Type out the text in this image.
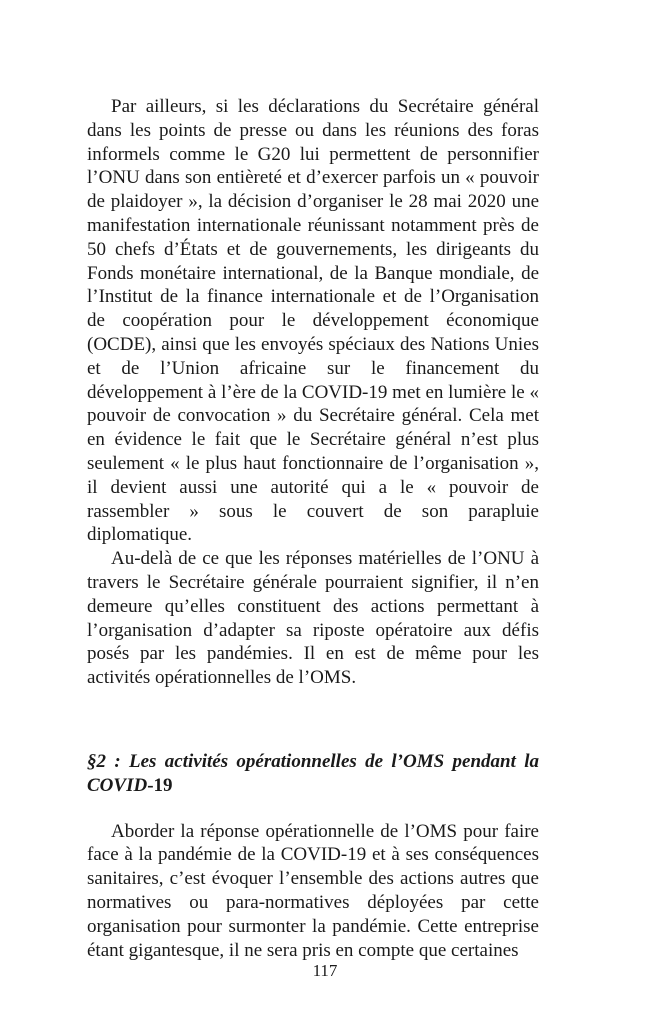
Par ailleurs, si les déclarations du Secrétaire général dans les points de presse ou dans les réunions des foras informels comme le G20 lui permettent de personnifier l’ONU dans son entièreté et d’exercer parfois un « pouvoir de plaidoyer », la décision d’organiser le 28 mai 2020 une manifestation internationale réunissant notamment près de 50 chefs d’États et de gouvernements, les dirigeants du Fonds monétaire international, de la Banque mondiale, de l’Institut de la finance internationale et de l’Organisation de coopération pour le développement économique (OCDE), ainsi que les envoyés spéciaux des Nations Unies et de l’Union africaine sur le financement du développement à l’ère de la COVID-19 met en lumière le « pouvoir de convocation » du Secrétaire général. Cela met en évidence le fait que le Secrétaire général n’est plus seulement « le plus haut fonctionnaire de l’organisation », il devient aussi une autorité qui a le « pouvoir de rassembler » sous le couvert de son parapluie diplomatique.

Au-delà de ce que les réponses matérielles de l’ONU à travers le Secrétaire générale pourraient signifier, il n’en demeure qu’elles constituent des actions permettant à l’organisation d’adapter sa riposte opératoire aux défis posés par les pandémies. Il en est de même pour les activités opérationnelles de l’OMS.

§2 : Les activités opérationnelles de l’OMS pendant la COVID-19

Aborder la réponse opérationnelle de l’OMS pour faire face à la pandémie de la COVID-19 et à ses conséquences sanitaires, c’est évoquer l’ensemble des actions autres que normatives ou para-normatives déployées par cette organisation pour surmonter la pandémie. Cette entreprise étant gigantesque, il ne sera pris en compte que certaines

117
